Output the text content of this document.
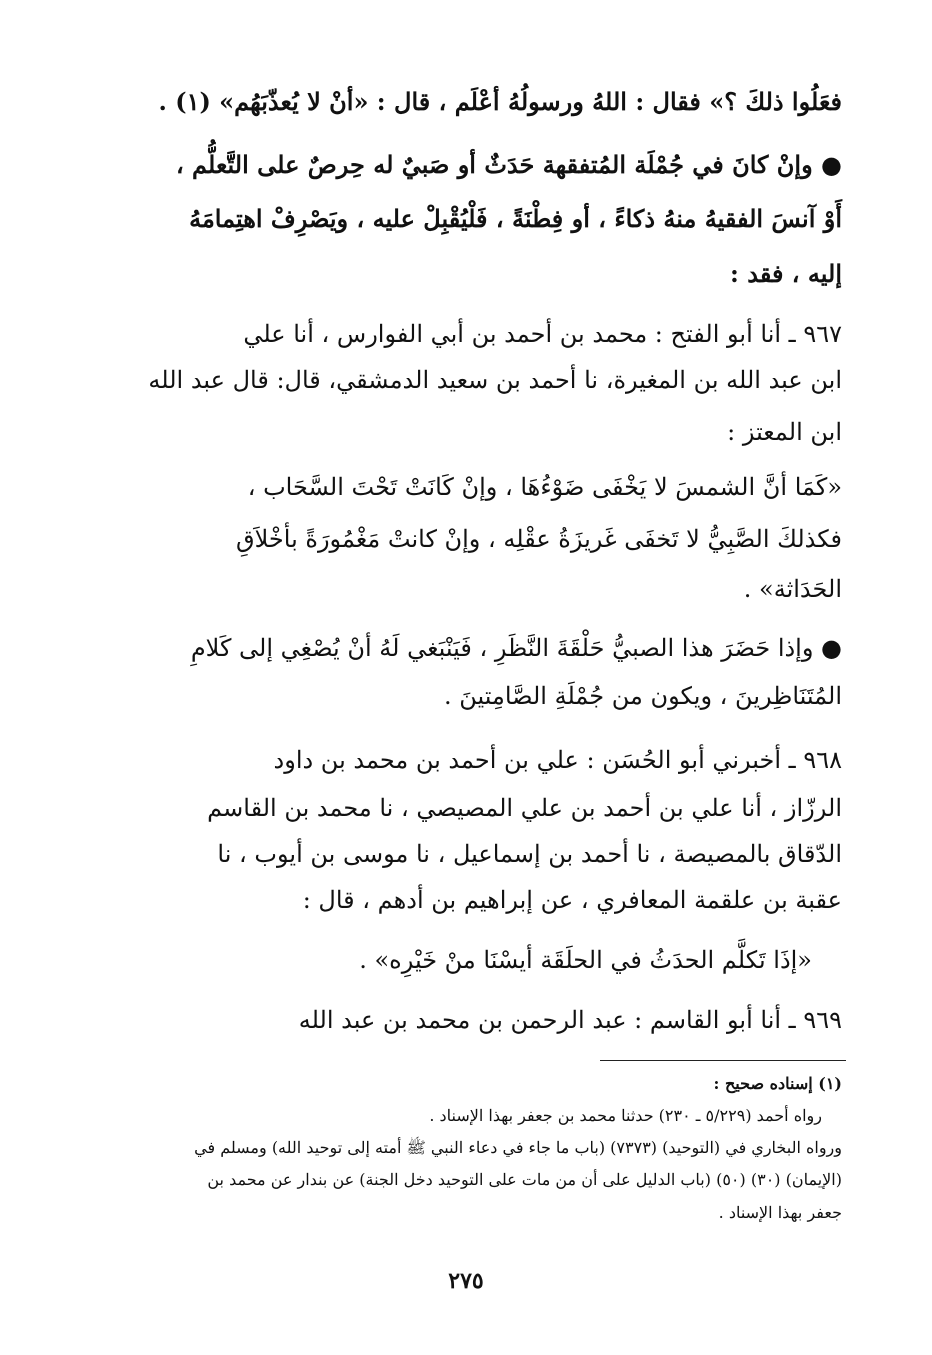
فعَلُوا ذلكَ ؟» فقال : اللهُ ورسولُهُ أعْلَم ، قال : «أنْ لا يُعذّبَهُم» (١) .
● وإنْ كانَ في جُمْلَة المُتفقهة حَدَثٌ أو صَبيٌ له حِرصٌ على التَّعلُّم ،
أَوْ آنسَ الفقيهُ منهُ ذكاءً ، أو فِطْنَةً ، فَلْيُقْبِلْ عليه ، ويَصْرِفْ اهتِمامَهُ
إليه ، فقد :
٩٦٧ ـ أنا أبو الفتح : محمد بن أحمد بن أبي الفوارس ، أنا علي
ابن عبد الله بن المغيرة، نا أحمد بن سعيد الدمشقي، قال: قال عبد الله
ابن المعتز :
«كَمَا أنَّ الشمسَ لا يَخْفَى ضَوْءُهَا ، وإنْ كَانَتْ تَحْتَ السَّحَاب ،
فكذلكَ الصَّبِيُّ لا تَخفَى غَريزَةُ عقْلِه ، وإنْ كانتْ مَغْمُورَةً بأخْلاَقِ
الحَدَاثة» .
● وإذا حَضَرَ هذا الصبيُّ حَلْقَةَ النَّظَرِ ، فَيَنْبَغي لَهُ أنْ يُصْغِي إلى كَلامِ
المُتَنَاظِرينَ ، ويكون من جُمْلَةِ الصَّامِتينَ .
٩٦٨ ـ أخبرني أبو الحُسَن : علي بن أحمد بن محمد بن داود
الرزّاز ، أنا علي بن أحمد بن علي المصيصي ، نا محمد بن القاسم
الدّقاق بالمصيصة ، نا أحمد بن إسماعيل ، نا موسى بن أيوب ، نا
عقبة بن علقمة المعافري ، عن إبراهيم بن أدهم ، قال :
«إذَا تَكلَّم الحدَثُ في الحلَقَة أيسْنَا منْ خَيْرِه» .
٩٦٩ ـ أنا أبو القاسم : عبد الرحمن بن محمد بن عبد الله
(١) إسناده صحيح :
رواه أحمد (٥/٢٢٩ ـ ٢٣٠) حدثنا محمد بن جعفر بهذا الإسناد .
ورواه البخاري في (التوحيد) (٧٣٧٣) (باب ما جاء في دعاء النبي ﷺ أمته إلى توحيد الله) ومسلم في
(الإيمان) (٣٠) (٥٠) (باب الدليل على أن من مات على التوحيد دخل الجنة) عن بندار عن محمد بن
جعفر بهذا الإسناد .
٢٧٥
